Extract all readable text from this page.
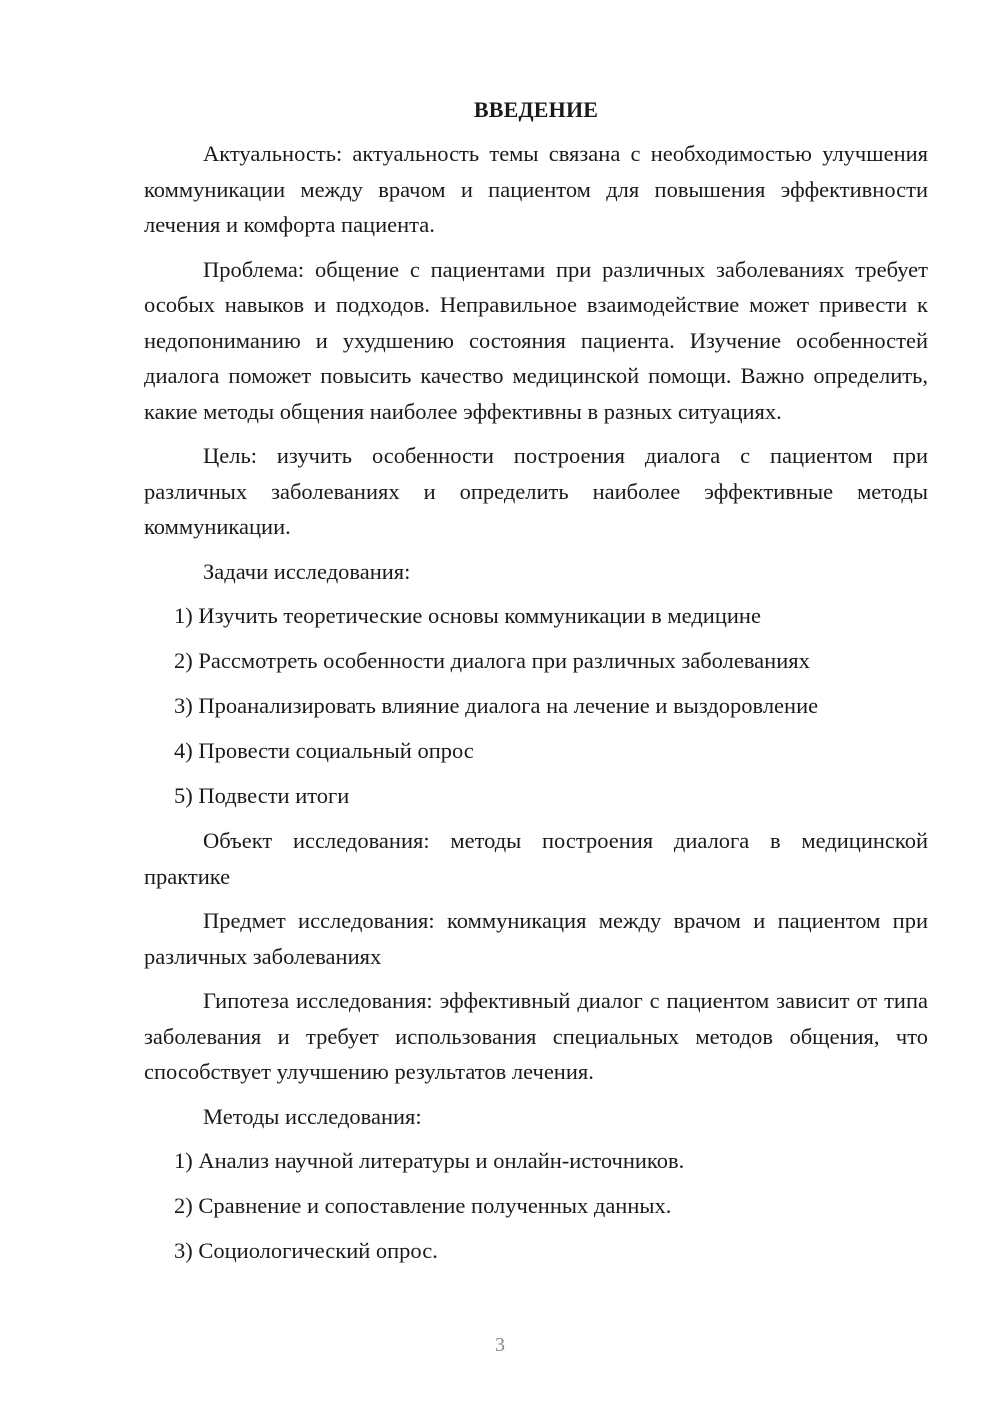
ВВЕДЕНИЕ

Актуальность: актуальность темы связана с необходимостью улучшения коммуникации между врачом и пациентом для повышения эффективности лечения и комфорта пациента.

Проблема: общение с пациентами при различных заболеваниях требует особых навыков и подходов. Неправильное взаимодействие может привести к недопониманию и ухудшению состояния пациента. Изучение особенностей диалога поможет повысить качество медицинской помощи. Важно определить, какие методы общения наиболее эффективны в разных ситуациях.

Цель: изучить особенности построения диалога с пациентом при различных заболеваниях и определить наиболее эффективные методы коммуникации.

Задачи исследования:

1) Изучить теоретические основы коммуникации в медицине
2) Рассмотреть особенности диалога при различных заболеваниях
3) Проанализировать влияние диалога на лечение и выздоровление
4) Провести социальный опрос
5) Подвести итоги

Объект исследования: методы построения диалога в медицинской практике

Предмет исследования: коммуникация между врачом и пациентом при различных заболеваниях

Гипотеза исследования: эффективный диалог с пациентом зависит от типа заболевания и требует использования специальных методов общения, что способствует улучшению результатов лечения.

Методы исследования:

1) Анализ научной литературы и онлайн-источников.
2) Сравнение и сопоставление полученных данных.
3) Социологический опрос.
3
